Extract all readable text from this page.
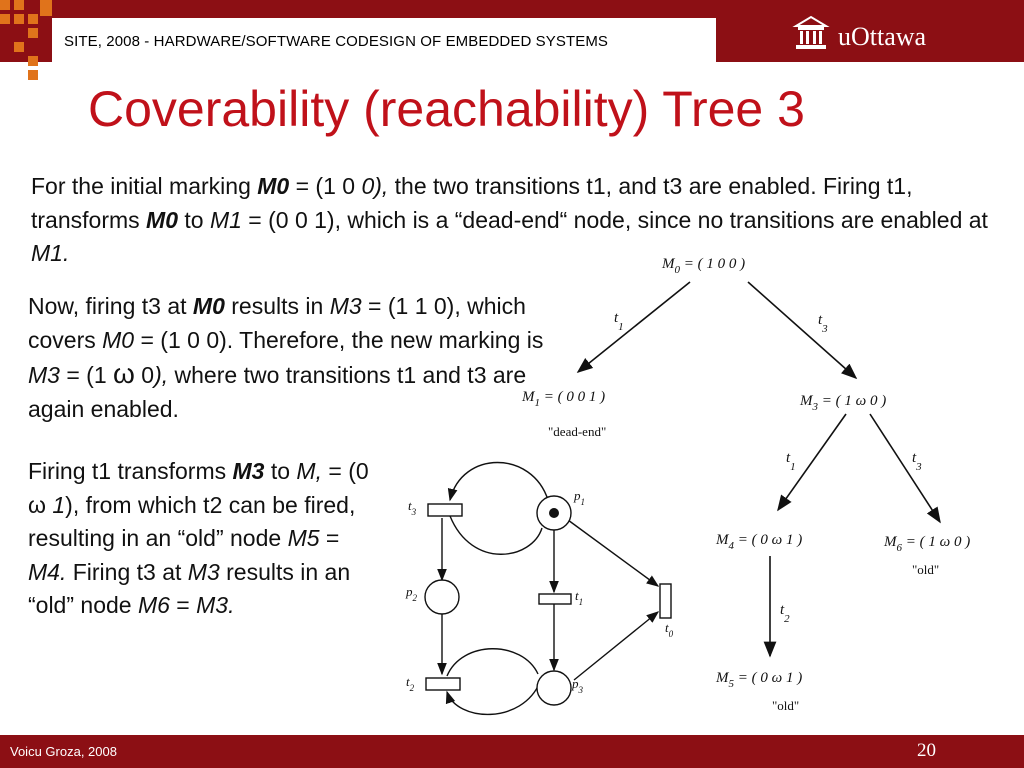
SITE, 2008 - HARDWARE/SOFTWARE CODESIGN OF EMBEDDED SYSTEMS	uOttawa
Coverability (reachability) Tree 3
For the initial marking M0 = (1 0 0), the two transitions t1, and t3 are enabled. Firing t1, transforms M0 to M1 = (0 0 1), which is a “dead-end“ node, since no transitions are enabled at M1.
Now, firing t3 at M0 results in M3 = (1 1 0), which covers M0 = (1 0 0). Therefore, the new marking is M3 = (1 ω 0), where two transitions t1 and t3 are again enabled.
Firing t1 transforms M3 to M, = (0 ω 1), from which t2 can be fired, resulting in an “old” node M5 = M4. Firing t3 at M3 results in an “old” node M6 = M3.
$M_0$ = ( 1 0 0 )
$t_1$	$t_3$
$M_1$ = ( 0 0 1 )
"dead-end"
$M_3$ = ( 1 ω 0 )
$t_1$
$t_3$
$M_4$ = ( 0 ω 1 )	$M_6$ = ( 1 ω 0 )
"old"
$t_2$
$M_5$ = ( 0 ω 1 )
"old"
$t_3$
$p_1$
$p_2$	$t_1$
$t_0$
$t_2$	$p_3$
Voicu Groza, 2008	20
